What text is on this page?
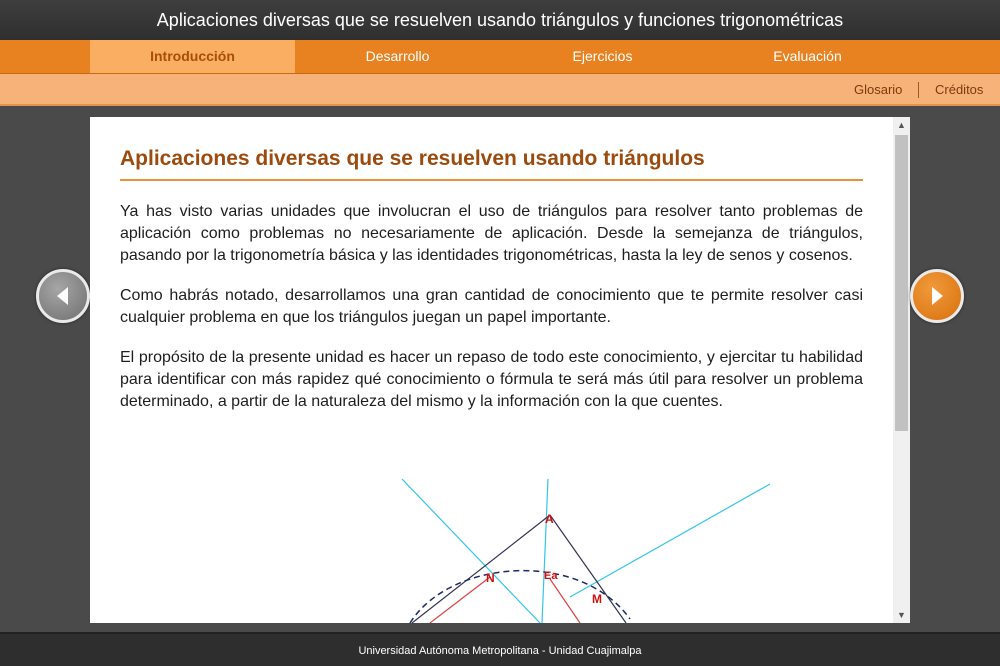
Aplicaciones diversas que se resuelven usando triángulos y funciones trigonométricas
Introducción	Desarrollo	Ejercicios	Evaluación
Glosario	Créditos
Aplicaciones diversas que se resuelven usando triángulos

Ya has visto varias unidades que involucran el uso de triángulos para resolver tanto problemas de aplicación como problemas no necesariamente de aplicación. Desde la semejanza de triángulos, pasando por la trigonometría básica y las identidades trigonométricas, hasta la ley de senos y cosenos.

Como habrás notado, desarrollamos una gran cantidad de conocimiento que te permite resolver casi cualquier problema en que los triángulos juegan un papel importante.

El propósito de la presente unidad es hacer un repaso de todo este conocimiento, y ejercitar tu habilidad para identificar con más rapidez qué conocimiento o fórmula te será más útil para resolver un problema determinado, a partir de la naturaleza del mismo y la información con la que cuentes.

A
N
M
Ea
▲
▼
Universidad Autónoma Metropolitana - Unidad Cuajimalpa
